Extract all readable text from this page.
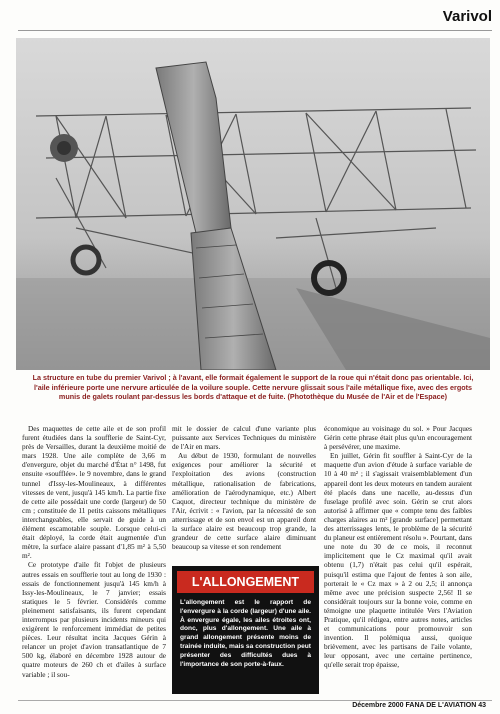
Varivol
La structure en tube du premier Varivol ; à l'avant, elle formait également le support de la roue qui n'était donc pas orientable. Ici, l'aile inférieure porte une nervure articulée de la voilure souple. Cette nervure glissait sous l'aile métallique fixe, avec des ergots munis de galets roulant par-dessus les bords d'attaque et de fuite. (Photothèque du Musée de l'Air et de l'Espace)

Des maquettes de cette aile et de son profil furent étudiées dans la soufflerie de Saint-Cyr, près de Versailles, durant la deuxième moitié de mars 1928. Une aile complète de 3,66 m d'envergure, objet du marché d'État n° 1498, fut ensuite «soufflée». le 9 novembre, dans le grand tunnel d'Issy-les-Moulineaux, à différentes vitesses de vent, jusqu'à 145 km/h. La partie fixe de cette aile possédait une corde (largeur) de 50 cm ; constituée de 11 petits caissons métalliques interchangeables, elle servait de guide à un élément escamotable souple. Lorsque celui-ci était déployé, la corde était augmentée d'un mètre, la surface alaire passant d'1,85 m² à 5,50 m².

Ce prototype d'aile fit l'objet de plusieurs autres essais en soufflerie tout au long de 1930 : essais de fonctionnement jusqu'à 145 km/h à Issy-les-Moulineaux, le 7 janvier; essais statiques le 5 février. Considérés comme pleinement satisfaisants, ils furent cependant interrompus par plusieurs incidents mineurs qui exigèrent le renforcement immédiat de petites pièces. Leur résultat incita Jacques Gérin à relancer un projet d'avion transatlantique de 7 500 kg, élaboré en décembre 1928 autour de quatre moteurs de 260 ch et d'ailes à surface variable ; il sou-

mit le dossier de calcul d'une variante plus puissante aux Services Techniques du ministère de l'Air en mars.

Au début de 1930, formulant de nouvelles exigences pour améliorer la sécurité et l'exploitation des avions (construction métallique, rationalisation de fabrications, amélioration de l'aérodynamique, etc.) Albert Caquot, directeur technique du ministère de l'Air, écrivit : « l'avion, par la nécessité de son atterrissage et de son envol est un appareil dont la surface alaire est beaucoup trop grande, la grandeur de cette surface alaire diminuant beaucoup sa vitesse et son rendement

L'ALLONGEMENT
L'allongement est le rapport de l'envergure à la corde (largeur) d'une aile. À envergure égale, les ailes étroites ont, donc, plus d'allongement. Une aile à grand allongement présente moins de trainée induite, mais sa construction peut présenter des difficultés dues à l'importance de son porte-à-faux.

économique au voisinage du sol. » Pour Jacques Gérin cette phrase était plus qu'un encouragement à persévérer, une maxime.

En juillet, Gérin fit souffler à Saint-Cyr de la maquette d'un avion d'étude à surface variable de 10 à 40 m² ; il s'agissait vraisemblablement d'un appareil dont les deux moteurs en tandem auraient été placés dans une nacelle, au-dessus d'un fuselage profilé avec soin. Gérin se crut alors autorisé à affirmer que « compte tenu des faibles charges alaires au m² [grande surface] permettant des atterrissages lents, le problème de la sécurité du planeur est entièrement résolu ». Pourtant, dans une note du 30 de ce mois, il reconnut implicitement que le Cz maximal qu'il avait obtenu (1,7) n'était pas celui qu'il espérait, puisqu'il estima que l'ajout de fentes à son aile, porterait le « Cz max » à 2 ou 2,5; il annonça même avec une précision suspecte 2,56! Il se considérait toujours sur la bonne voie, comme en témoigne une plaquette intitulée Vers l'Aviation Pratique, qu'il rédigea, entre autres notes, articles et communications pour promouvoir son invention. Il polémiqua aussi, quoique brièvement, avec les partisans de l'aile volante, leur opposant, avec une certaine pertinence, qu'elle serait trop épaisse,

Décembre 2000 FANA DE L'AVIATION 43
